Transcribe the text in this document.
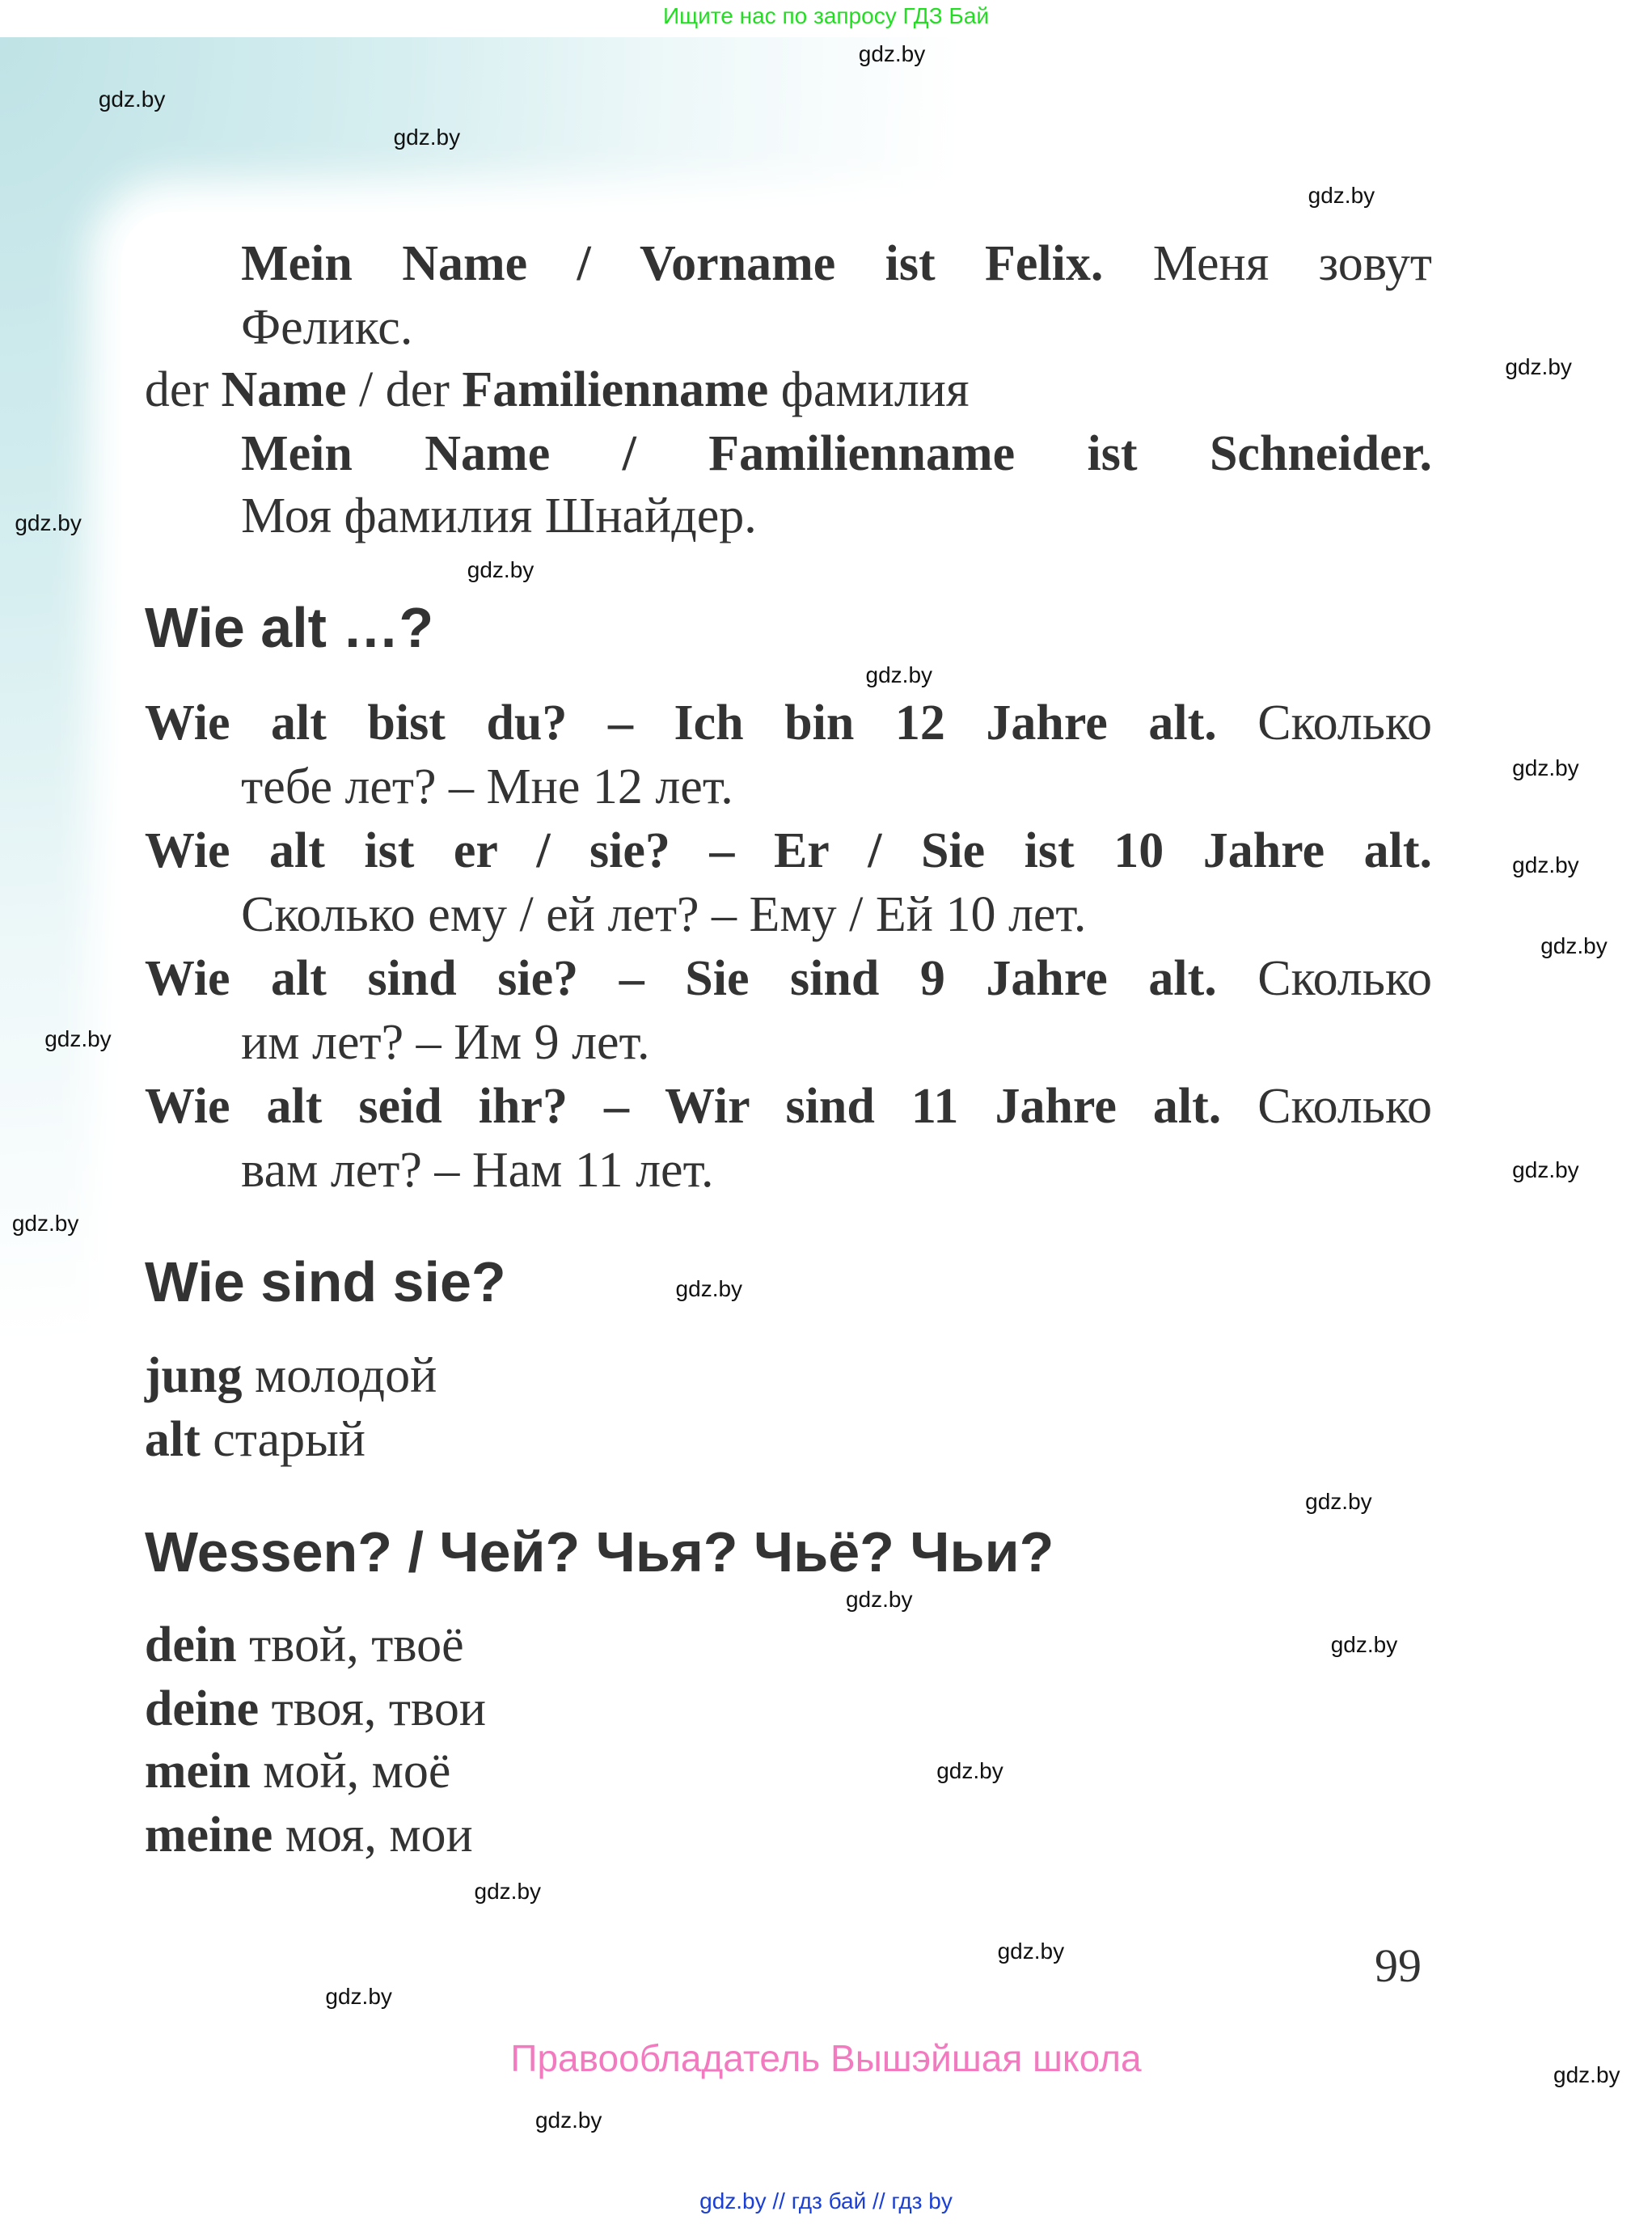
Ищите нас по запросу ГДЗ Бай
Mein Name / Vorname ist Felix. Меня зовут
Феликс.
der Name / der Familienname фамилия
Mein Name / Familienname ist Schneider.
Моя фамилия Шнайдер.
Wie alt bist du? – Ich bin 12 Jahre alt. Сколько
тебе лет? – Мне 12 лет.
Wie alt ist er / sie? – Er / Sie ist 10 Jahre alt.
Сколько ему / ей лет? – Ему / Ей 10 лет.
Wie alt sind sie? – Sie sind 9 Jahre alt. Сколько
им лет? – Им 9 лет.
Wie alt seid ihr? – Wir sind 11 Jahre alt. Сколько
вам лет? – Нам 11 лет.
jung молодой
alt старый
dein твой, твоё
deine твоя, твои
mein мой, моё
meine моя, мои
Wie alt …?
Wie sind sie?
Wessen? / Чей? Чья? Чьё? Чьи?
gdz.by
gdz.by
gdz.by
gdz.by
gdz.by
gdz.by
gdz.by
gdz.by
gdz.by
gdz.by
gdz.by
gdz.by
gdz.by
gdz.by
gdz.by
gdz.by
gdz.by
gdz.by
gdz.by
gdz.by
gdz.by
gdz.by
gdz.by
gdz.by
99
Правообладатель Вышэйшая школа
gdz.by // гдз бай // гдз by
